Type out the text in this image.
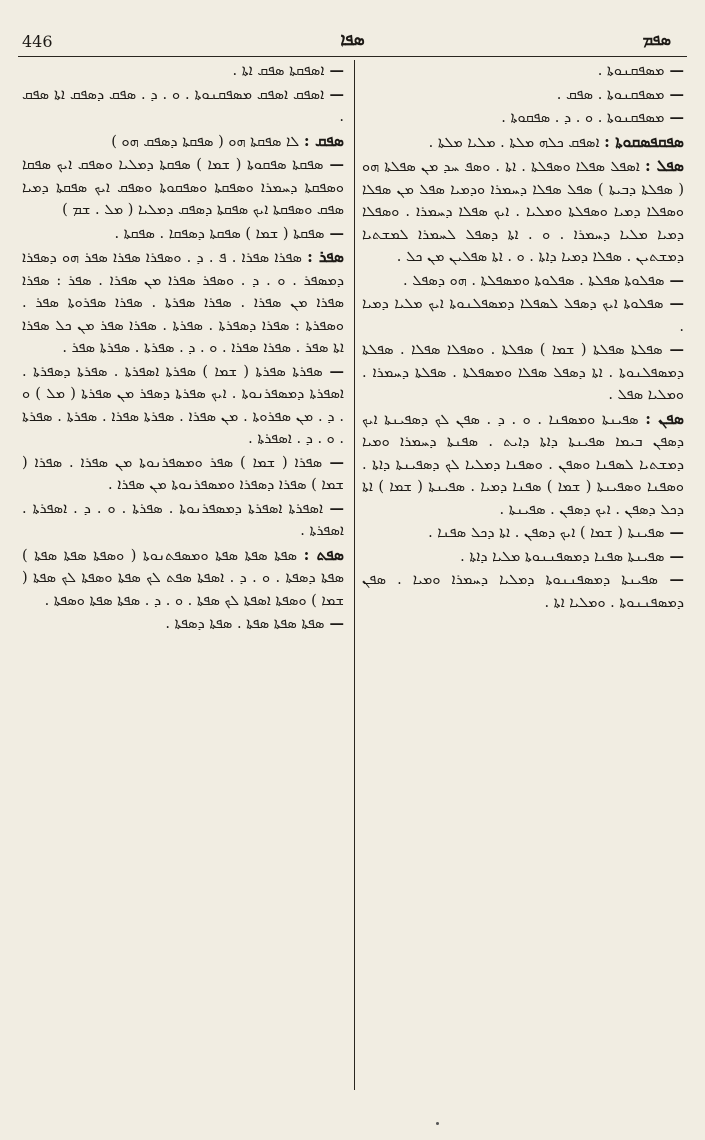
446	ܣܦܐ	ܣܦܡ
— ܐܣܦܩܬܐ ܣܦܩ ܐܬܐ .
— ܐܣܦܩ ܐܣܦܩ ܡܣܦܩܢܘܬܐ . ܘ . ܕ . ܣܦܩ ܕܣܦܩ ܐܬܐ ܣܦܩ .
ܣܦܩ : ܠܐ ܣܦܩܬܐ ܗܘ ( ܣܦܩܬܐ ܕܣܦܩ ܗܘ )
— ܣܦܩܬܐ ܣܦܩܘܬܐ ( ܫܡܐ ) ܣܦܩܬܐ ܕܡܠܝܐ ܘܣܦܩ ܐܝܟ ܣܦܩܐ ܘܣܦܩܬܐ ܕܚܡܪܐ ܘܣܦܩܬܐ ܘܣܦܩܘܬܐ ܘܣܦܩ ܐܝܟ ܣܦܩܬܐ ܕܡܝܐ ܣܦܩ ܘܣܦܩܬܐ ܐܝܟ ܣܦܩܬܐ ܕܣܦܩ ܕܡܠܝܐ ( ܡܠ . ܫܡ )
— ܣܦܩܬܐ ( ܫܡܐ ) ܣܦܩܬܐ ܕܣܦܩܐ . ܣܦܩܬܐ .
ܣܦܪ : ܣܦܪܐ ܣܦܪܐ . ܦ . ܕ . ܘܣܦܪܐ ܣܦܪܐ ܣܦܪ ܗܘ ܕܣܦܪܐ ܕܡܣܦܪ . ܘ . ܕ . ܘܣܦܪ ܣܦܪܐ ܡܢ ܣܦܪܐ . ܣܦܪ : ܣܦܪܐ ܣܦܪܐ ܡܢ ܣܦܪܐ . ܣܦܪܐ ܣܦܪܬܐ . ܣܦܪܐ ܣܦܪܘܬܐ ܣܦܪ . ܘܣܦܪܬܐ : ܣܦܪܐ ܕܣܦܪܬܐ . ܣܦܪܬܐ . ܣܦܪܐ ܣܦܪ ܡܢ ܟܠ ܣܦܪܐ ܐܬܐ ܣܦܪ . ܣܦܪܐ ܣܦܪܐ . ܘ . ܕ . ܣܦܪܬܐ . ܣܦܪܬܐ ܣܦܪ .
— ܣܦܪܬܐ ܣܦܪܬܐ ( ܫܡܐ ) ܣܦܪܬܐ ܐܣܦܪܬܐ . ܣܦܪܬܐ ܕܣܦܪܬܐ . ܐܣܦܪܬܐ ܕܡܣܦܪܢܘܬܐ . ܐܝܟ ܣܦܪܬܐ ܕܣܦܪ ܡܢ ܣܦܪܬܐ ( ܡܠ ) ܘ . ܕ . ܡܢ ܣܦܪܘܬܐ . ܡܢ ܣܦܪܐ . ܣܦܪܬܐ ܣܦܪܐ . ܣܦܪܬܐ . ܣܦܪܬܐ . ܘ . ܕ . ܐܣܦܪܬܐ .
— ܣܦܪܐ ( ܫܡܐ ) ܣܦܪ ܘܡܣܦܪܢܘܬܐ ܡܢ ܣܦܪܐ . ܣܦܪܐ ( ܫܡܐ ) ܣܦܪܐ ܕܣܦܪܐ ܘܡܣܦܪܢܘܬܐ ܡܢ ܣܦܪܐ .
— ܐܣܦܪܬܐ ܐܣܦܪܬܐ ܕܡܣܦܪܢܘܬܐ . ܣܦܪܬܐ . ܘ . ܕ . ܐܣܦܪܬܐ . ܐܣܦܪܬܐ .
ܣܦܬ : ܣܦܬܐ ܣܦܬܐ ܣܦܬܐ ܘܡܣܦܬܢܘܬܐ ( ܘܣܦܬܐ ܣܦܬܐ ܣܦܬܐ ) ܣܦܬܐ ܕܣܦܬܐ . ܘ . ܕ . ܐܣܦܬܐ ܣܦܬ ܠܟ ܣܦܬܐ ܘܣܦܬܐ ܠܟ ܣܦܬܐ ( ܫܡܐ ) ܘܣܦܬܐ ܐܣܦܬܐ ܠܟ ܣܦܬܐ . ܘ . ܕ . ܣܦܬܐ ܣܦܬܐ ܘܣܦܬܐ .
— ܣܦܬܐ ܣܦܬܐ ܣܦܬܐ . ܣܦܬܐ ܕܣܦܬܐ .
— ܡܣܦܩܢܘܬܐ .
— ܡܣܦܩܢܘܬܐ . ܣܦܩ .
— ܡܣܦܩܢܘܬܐ . ܘ . ܕ . ܣܦܩܘܬܐ .
ܣܦܩܦܣܩܘܬܐ : ܐܣܦܩ ܟܠܗ ܡܠܬܐ . ܡܠܝܐ ܡܠܬܐ .
ܣܦܠ : ܐܣܦܠ ܣܦܠܐ ܘܣܦܠܬܐ . ܐܬܐ . ܘܣܦ ܚܕ ܡܢ ܣܦܠܬܐ ܗܘ ( ܣܦܠܬܐ ܕܒܝܬܐ ) ܣܦܠ ܣܦܠܐ ܕܚܡܪܐ ܘܕܡܝܐ ܣܦܠ ܡܢ ܣܦܠܐ ܘܣܦܠܐ ܕܡܝܐ ܘܣܦܠܬܐ ܘܡܠܝܐ . ܐܝܟ ܣܦܠܐ ܕܚܡܪܐ . ܘܣܦܠܐ ܕܡܝܐ ܡܠܝܐ ܕܚܡܪܐ . ܘ . ܐܬܐ ܕܣܦܠ ܠܚܡܪܐ ܠܡܫܬܝܐ ܕܡܫܬܝܢ . ܣܦܠܐ ܕܡܝܐ ܕܐܬܐ . ܘ . ܐܬܐ ܣܦܠܝܢ ܡܢ ܟܠ .
— ܣܦܠܘܬܐ ܣܦܠܬܐ . ܣܦܠܘܬܐ ܘܡܣܦܠܬܐ . ܗܘ ܕܣܦܠ .
— ܣܦܠܘܬܐ ܐܝܟ ܕܣܦܠ ܠܣܦܠܐ ܕܡܣܦܠܢܘܬܐ ܐܝܟ ܡܠܝܐ ܕܡܝܐ .
— ܣܦܠܬܐ ܣܦܠܬܐ ( ܫܡܐ ) ܣܦܠܬܐ . ܘܣܦܠܐ ܣܦܠܐ . ܣܦܠܬܐ ܕܡܣܦܠܢܘܬܐ . ܐܬܐ ܕܣܦܠ ܣܦܠܐ ܘܡܣܦܠܬܐ . ܣܦܠܬܐ ܕܚܡܪܐ . ܘܡܠܝܐ ܣܦܠ .
ܣܦܢ : ܣܦܝܢܬܐ ܘܡܣܦܢܐ . ܘ . ܕ . ܣܦܢ ܠܟ ܕܣܦܝܢܬܐ ܐܝܟ ܕܣܦܢ ܒܝܡܐ ܣܦܝܢܬܐ ܕܐܬܐ ܕܐܝܬ . ܣܦܢܬܐ ܕܚܡܪܐ ܘܡܝܐ ܕܡܫܬܝܐ ܠܣܦܢܐ ܘܣܦܢ . ܘܣܦܢܐ ܕܡܠܝܐ ܠܟ ܕܣܦܝܢܬܐ ܕܐܬܐ . ܘܣܦܢܐ ܘܣܦܝܢܬܐ ( ܫܡܐ ) ܣܦܢܐ ܕܡܝܐ . ܣܦܝܢܬܐ ( ܫܡܐ ) ܐܬܐ ܕܟܠ ܕܣܦܢ . ܐܝܟ ܕܣܦܢ . ܣܦܝܢܬܐ .
— ܣܦܝܢܬܐ ( ܫܡܐ ) ܐܝܟ ܕܣܦܢ . ܐܬܐ ܕܟܠ ܣܦܢܐ .
— ܣܦܝܢܬܐ ܣܦܢܐ ܕܡܣܦܢܢܘܬܐ ܡܠܝܐ ܕܐܬܐ .
— ܣܦܝܢܬܐ ܕܡܣܦܢܢܘܬܐ ܕܡܠܝܐ ܕܚܡܪܐ ܘܡܝܐ . ܣܦܢ ܕܡܣܦܢܢܘܬܐ . ܘܡܠܝܐ ܐܬܐ .
